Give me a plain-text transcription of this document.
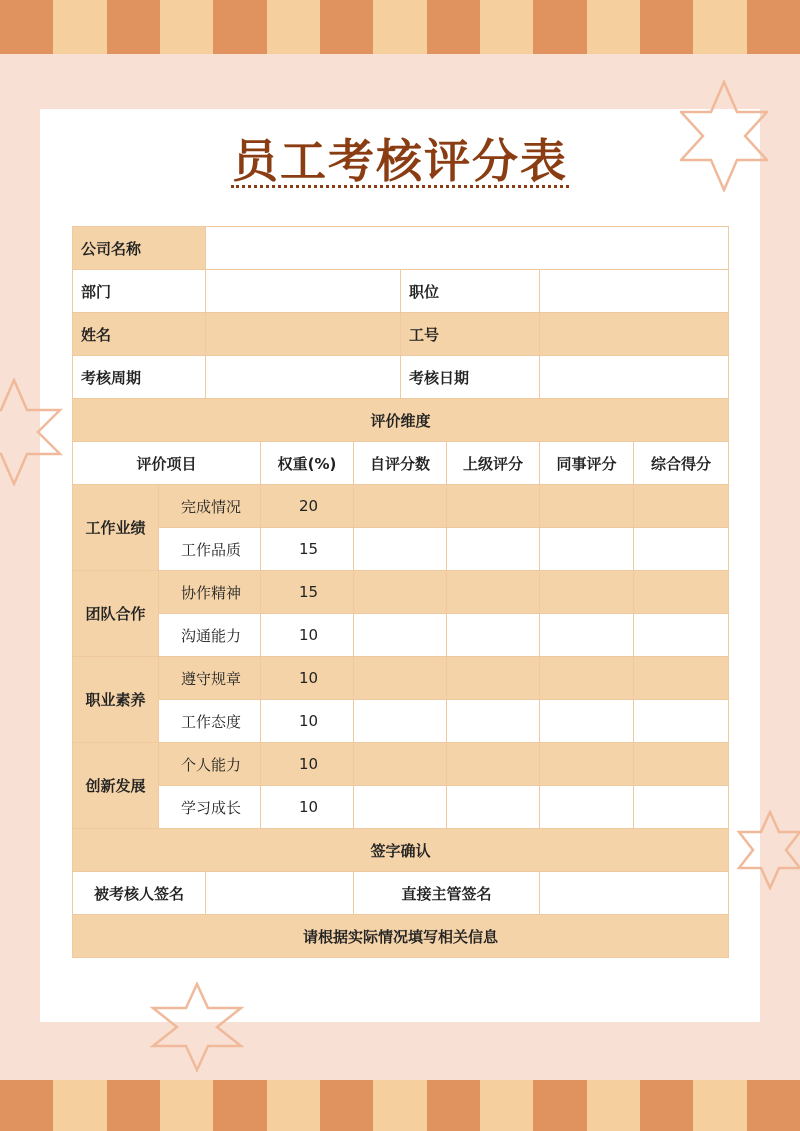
员工考核评分表
公司名称								
部门					职位			
姓名					工号			
考核周期					考核日期			
评价维度								
评价项目			权重(%)	自评分数		上级评分	同事评分	综合得分
工作业绩	完成情况		20					
	工作品质		15					
团队合作	协作精神		15					
	沟通能力		10					
职业素养	遵守规章		10					
	工作态度		10					
创新发展	个人能力		10					
	学习成长		10					
签字确认								
被考核人签名				直接主管签名				
请根据实际情况填写相关信息								
